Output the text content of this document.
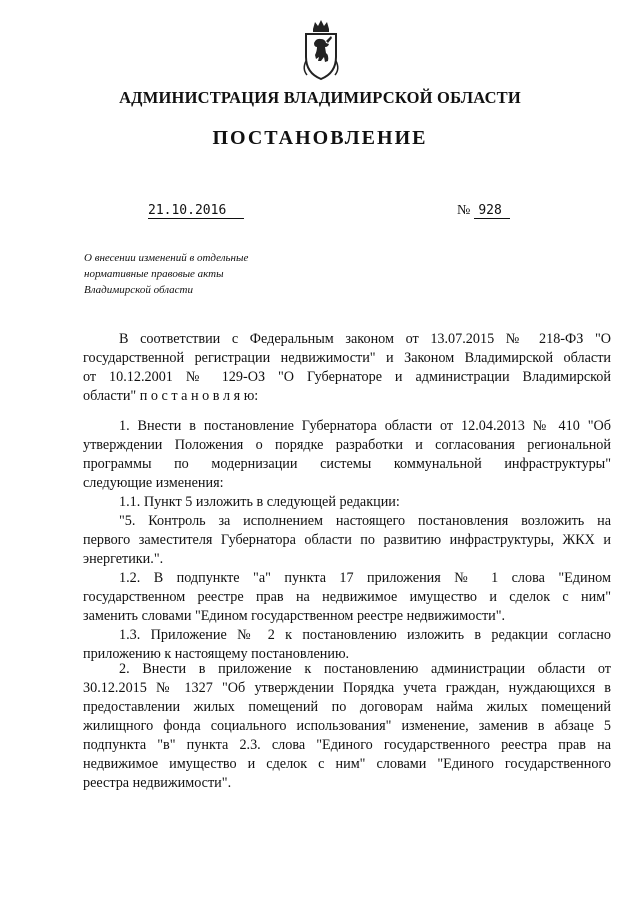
АДМИНИСТРАЦИЯ ВЛАДИМИРСКОЙ ОБЛАСТИ
ПОСТАНОВЛЕНИЕ
21.10.2016	№ 928
О внесении изменений в отдельные
нормативные правовые акты
Владимирской области
В соответствии с Федеральным законом от 13.07.2015 № 218-ФЗ "О
государственной регистрации недвижимости" и Законом Владимирской области
от 10.12.2001 № 129-ОЗ "О Губернаторе и администрации Владимирской
области" п о с т а н о в л я ю:
1. Внести в постановление Губернатора области от 12.04.2013 № 410 "Об
утверждении Положения о порядке разработки и согласования региональной
программы по модернизации системы коммунальной инфраструктуры"
следующие изменения:
1.1. Пункт 5 изложить в следующей редакции:
"5. Контроль за исполнением настоящего постановления возложить на
первого заместителя Губернатора области по развитию инфраструктуры, ЖКХ и
энергетики.".
1.2. В подпункте "а" пункта 17 приложения № 1 слова "Едином
государственном реестре прав на недвижимое имущество и сделок с ним"
заменить словами "Едином государственном реестре недвижимости".
1.3. Приложение № 2 к постановлению изложить в редакции согласно
приложению к настоящему постановлению.
2. Внести в приложение к постановлению администрации области от
30.12.2015 № 1327 "Об утверждении Порядка учета граждан, нуждающихся в
предоставлении жилых помещений по договорам найма жилых помещений
жилищного фонда социального использования" изменение, заменив в абзаце 5
подпункта "в" пункта 2.3. слова "Единого государственного реестра прав на
недвижимое имущество и сделок с ним" словами "Единого государственного
реестра недвижимости".
